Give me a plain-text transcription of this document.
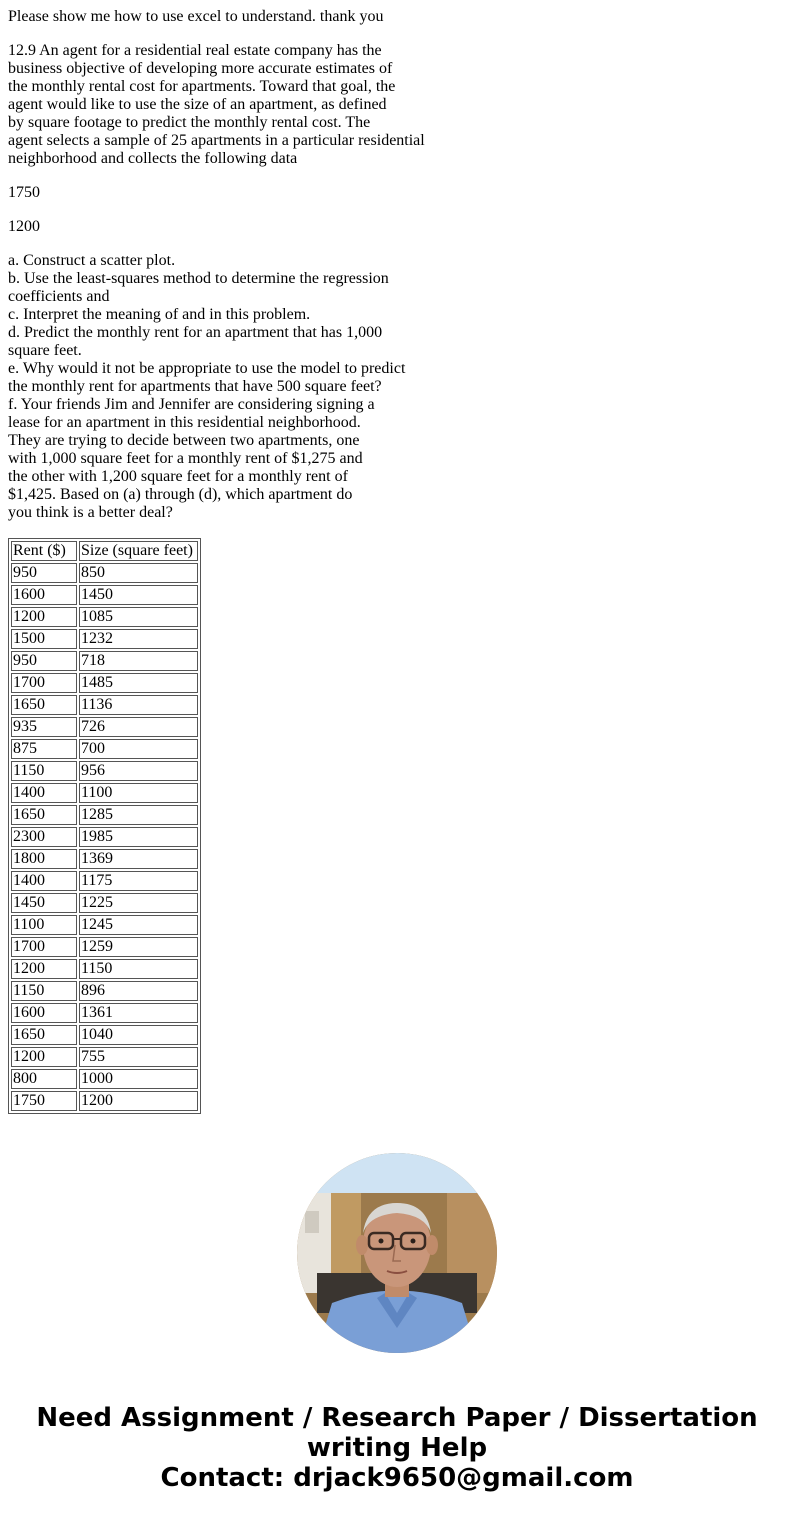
Please show me how to use excel to understand. thank you

12.9 An agent for a residential real estate company has the
business objective of developing more accurate estimates of
the monthly rental cost for apartments. Toward that goal, the
agent would like to use the size of an apartment, as defined
by square footage to predict the monthly rental cost. The
agent selects a sample of 25 apartments in a particular residential
neighborhood and collects the following data

1750

1200

a. Construct a scatter plot.
b. Use the least-squares method to determine the regression
coefficients and
c. Interpret the meaning of and in this problem.
d. Predict the monthly rent for an apartment that has 1,000
square feet.
e. Why would it not be appropriate to use the model to predict
the monthly rent for apartments that have 500 square feet?
f. Your friends Jim and Jennifer are considering signing a
lease for an apartment in this residential neighborhood.
They are trying to decide between two apartments, one
with 1,000 square feet for a monthly rent of $1,275 and
the other with 1,200 square feet for a monthly rent of
$1,425. Based on (a) through (d), which apartment do
you think is a better deal?
Rent ($)	Size (square feet)
950	850
1600	1450
1200	1085
1500	1232
950	718
1700	1485
1650	1136
935	726
875	700
1150	956
1400	1100
1650	1285
2300	1985
1800	1369
1400	1175
1450	1225
1100	1245
1700	1259
1200	1150
1150	896
1600	1361
1650	1040
1200	755
800	1000
1750	1200
Need Assignment / Research Paper / Dissertation
writing Help
Contact: drjack9650@gmail.com
